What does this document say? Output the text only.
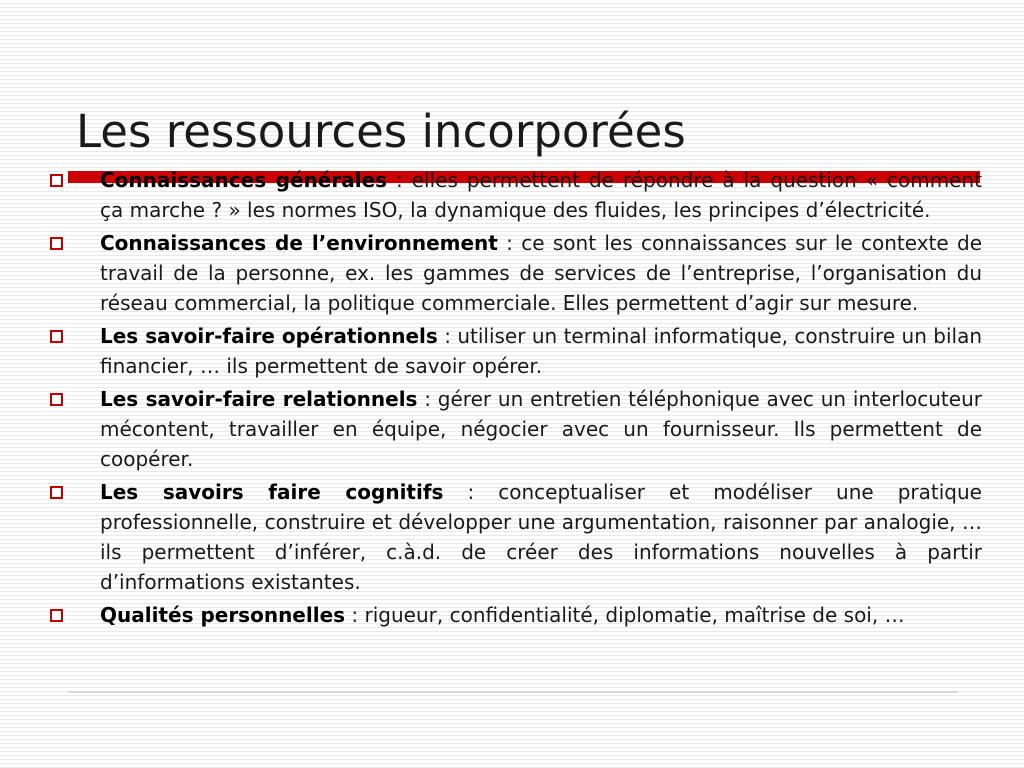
Les ressources incorporées
Connaissances générales : elles permettent de répondre à la question « comment ça marche ? » les normes ISO, la dynamique des fluides, les principes d’électricité.
Connaissances de l’environnement : ce sont les connaissances sur le contexte de travail de la personne, ex. les gammes de services de l’entreprise, l’organisation du réseau commercial, la politique commerciale. Elles permettent d’agir sur mesure.
Les savoir-faire opérationnels : utiliser un terminal informatique, construire un bilan financier, … ils permettent de savoir opérer.
Les savoir-faire relationnels : gérer un entretien téléphonique avec un interlocuteur mécontent, travailler en équipe, négocier avec un fournisseur. Ils permettent de coopérer.
Les savoirs faire cognitifs : conceptualiser et modéliser une pratique professionnelle, construire et développer une argumentation, raisonner par analogie, … ils permettent d’inférer, c.à.d. de créer des informations nouvelles à partir d’informations existantes.
Qualités personnelles : rigueur, confidentialité, diplomatie, maîtrise de soi, …
